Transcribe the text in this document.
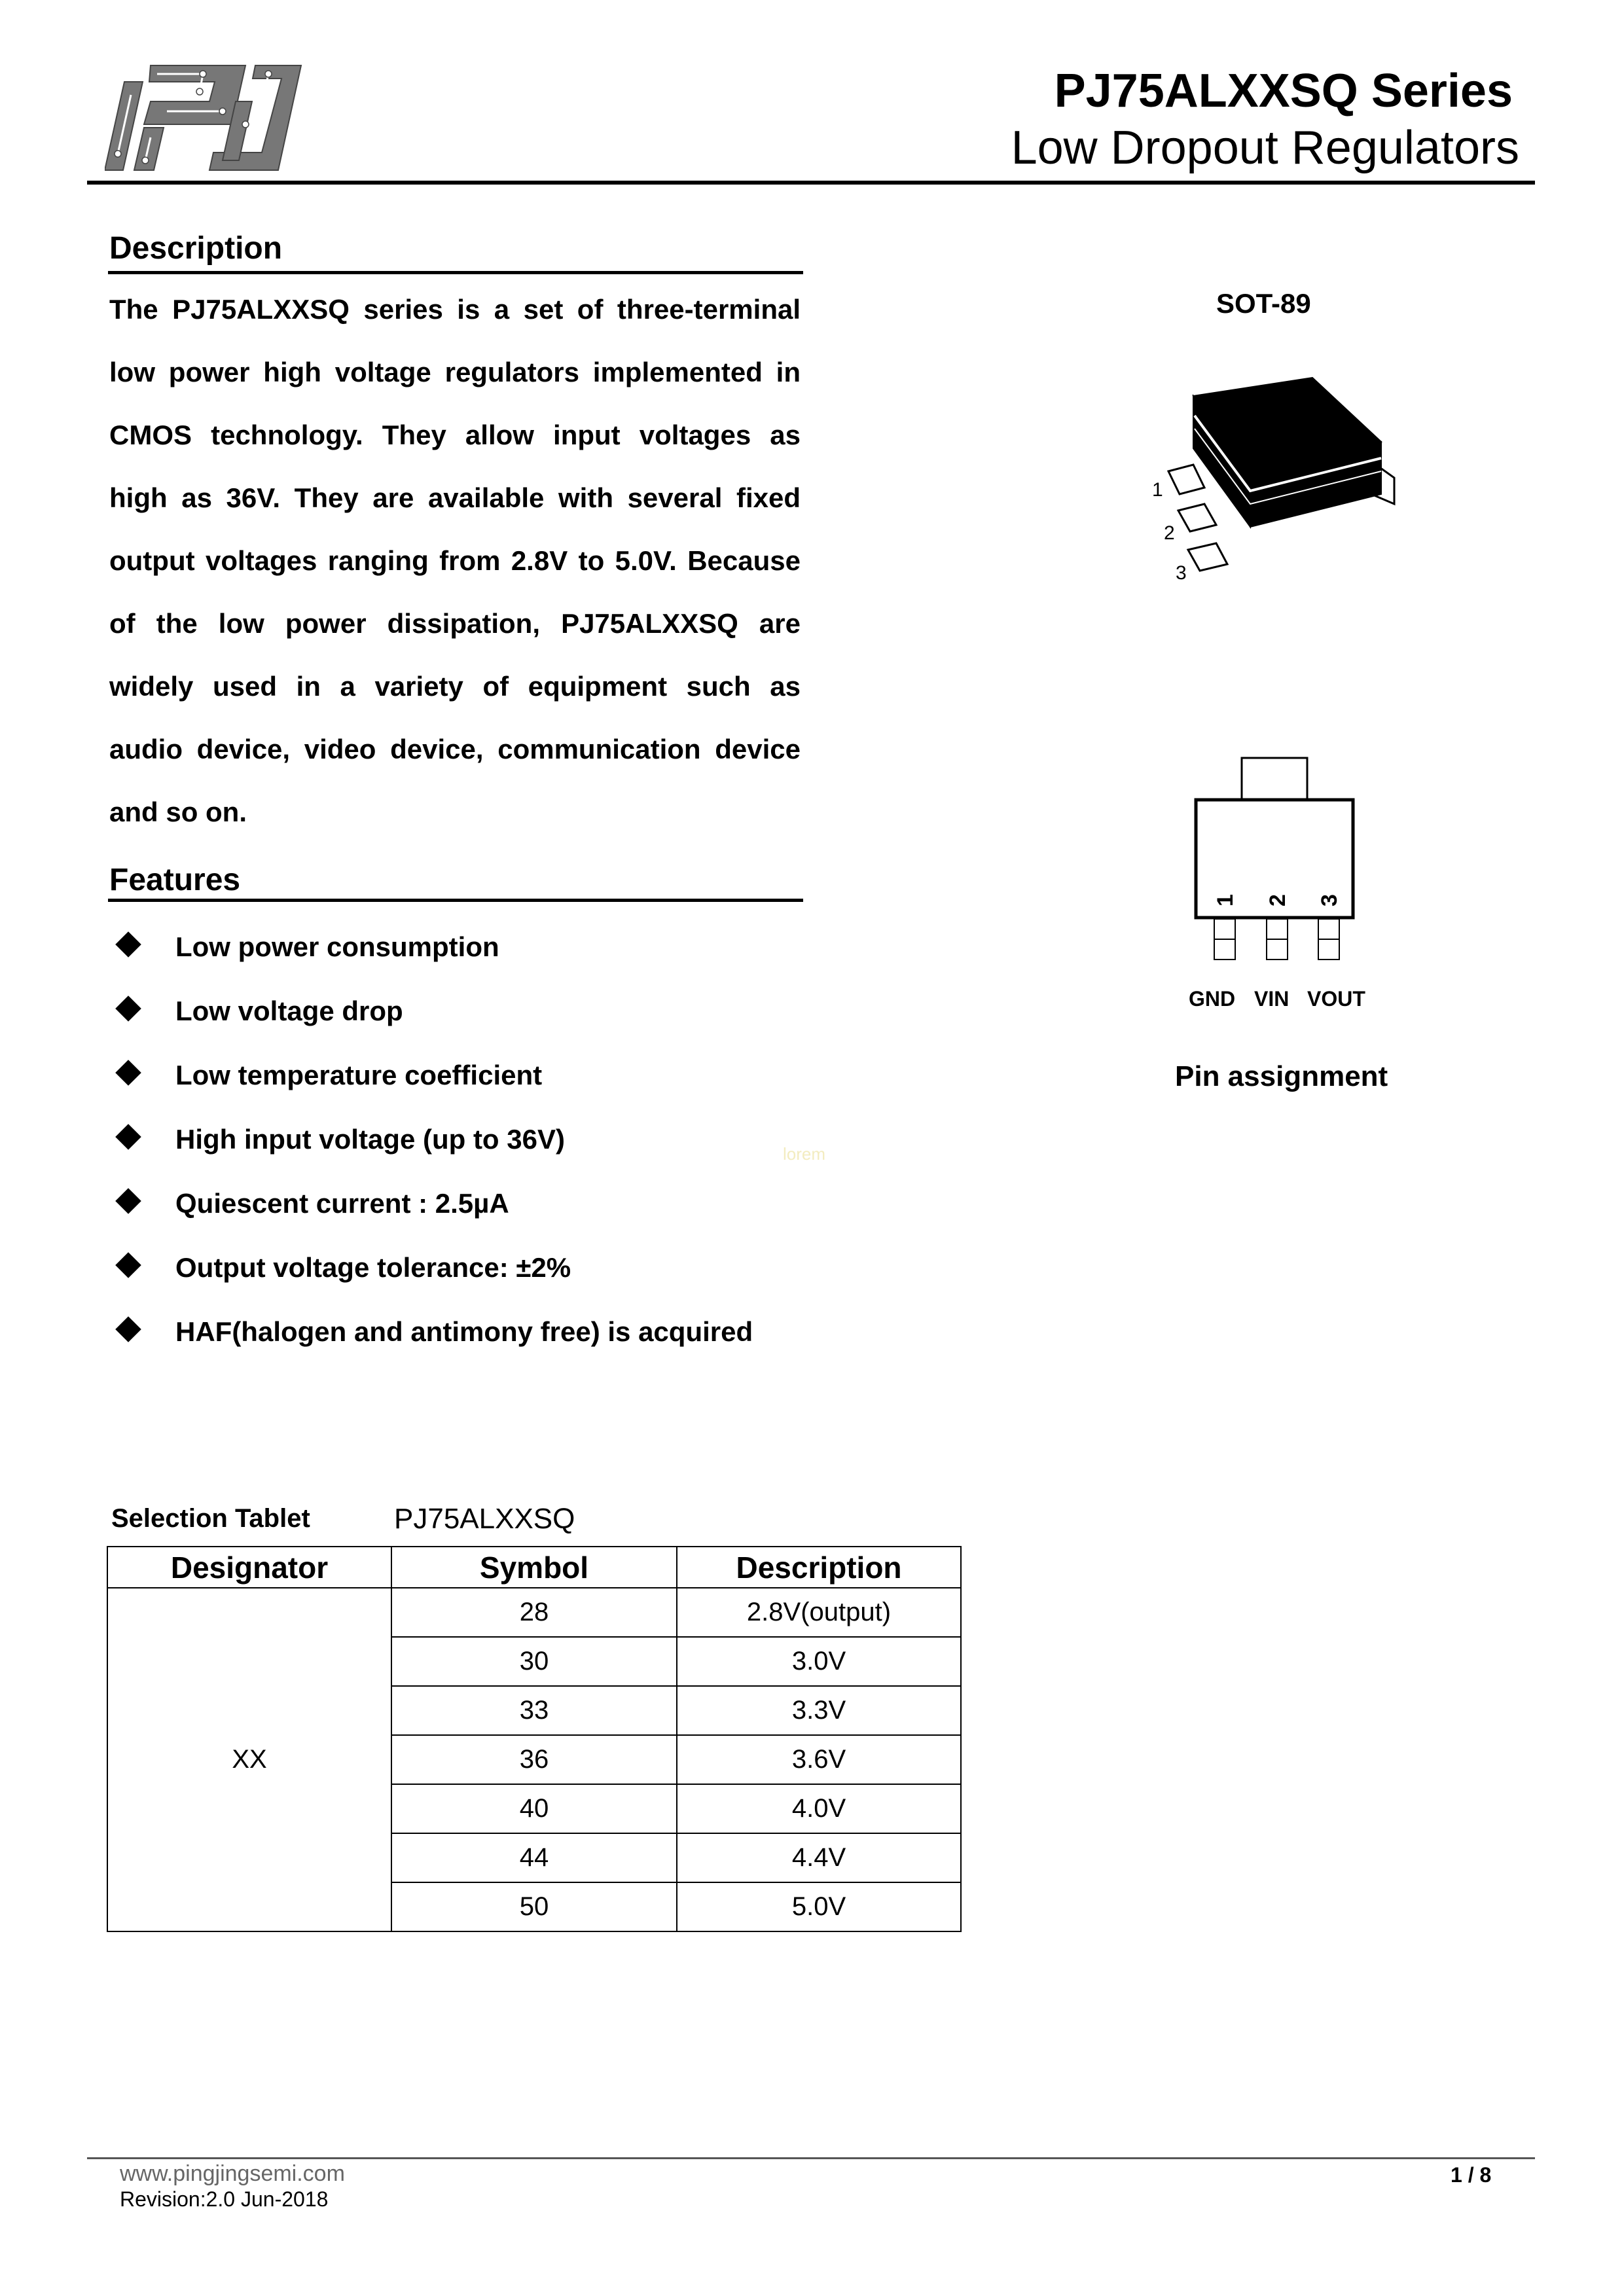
PJ75ALXXSQ Series
Low Dropout Regulators
Description
The PJ75ALXXSQ series is a set of three-terminal
low power high voltage regulators implemented in
CMOS technology. They allow input voltages as
high as 36V. They are available with several fixed
output voltages ranging from 2.8V to 5.0V. Because
of the low power dissipation, PJ75ALXXSQ are
widely used in a variety of equipment such as
audio device, video device, communication device
and so on.
Features
Low power consumption
Low voltage drop
Low temperature coefficient
High input voltage (up to 36V)
Quiescent current : 2.5µA
Output voltage tolerance: ±2%
HAF(halogen and antimony free) is acquired
lorem
SOT-89
1
2
3
1 2 3
GND VIN VOUT
Pin assignment
Selection Tablet	PJ75ALXXSQ
Designator	Symbol	Description
XX	28	2.8V(output)
	30	3.0V
	33	3.3V
	36	3.6V
	40	4.0V
	44	4.4V
	50	5.0V
www.pingjingsemi.com
Revision:2.0 Jun-2018
1 / 8
